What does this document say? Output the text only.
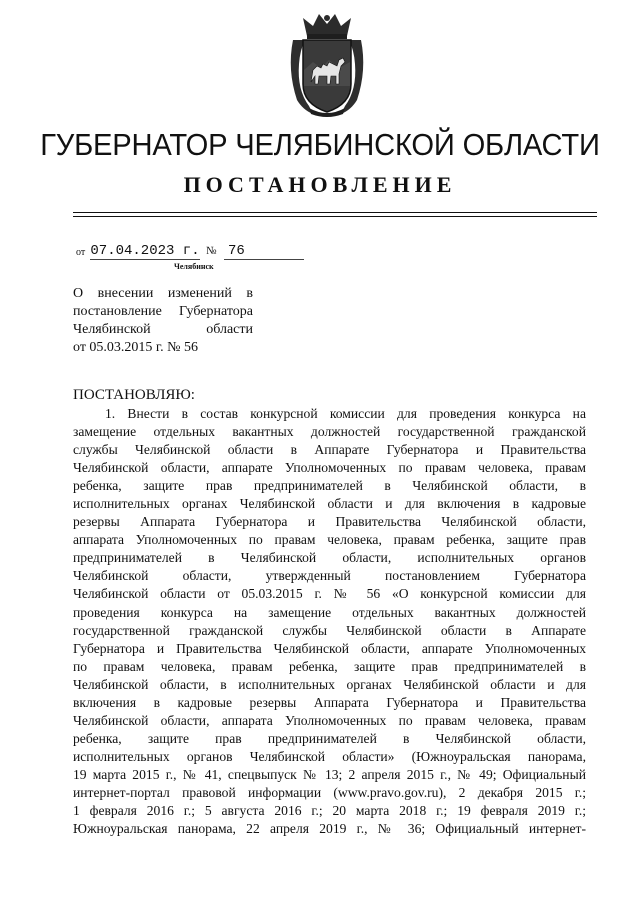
ГУБЕРНАТОР ЧЕЛЯБИНСКОЙ ОБЛАСТИ
ПОСТАНОВЛЕНИЕ
от 07.04.2023 г. № 76
Челябинск
О внесении изменений в
постановление Губернатора
Челябинской области
от 05.03.2015 г. № 56
ПОСТАНОВЛЯЮ:
1. Внести в состав конкурсной комиссии для проведения конкурса на
замещение отдельных вакантных должностей государственной гражданской
службы Челябинской области в Аппарате Губернатора и Правительства
Челябинской области, аппарате Уполномоченных по правам человека, правам
ребенка, защите прав предпринимателей в Челябинской области, в
исполнительных органах Челябинской области и для включения в кадровые
резервы Аппарата Губернатора и Правительства Челябинской области,
аппарата Уполномоченных по правам человека, правам ребенка, защите прав
предпринимателей в Челябинской области, исполнительных органов
Челябинской области, утвержденный постановлением Губернатора
Челябинской области от 05.03.2015 г. № 56 «О конкурсной комиссии для
проведения конкурса на замещение отдельных вакантных должностей
государственной гражданской службы Челябинской области в Аппарате
Губернатора и Правительства Челябинской области, аппарате Уполномоченных
по правам человека, правам ребенка, защите прав предпринимателей в
Челябинской области, в исполнительных органах Челябинской области и для
включения в кадровые резервы Аппарата Губернатора и Правительства
Челябинской области, аппарата Уполномоченных по правам человека, правам
ребенка, защите прав предпринимателей в Челябинской области,
исполнительных органов Челябинской области» (Южноуральская панорама,
19 марта 2015 г., № 41, спецвыпуск № 13; 2 апреля 2015 г., № 49; Официальный
интернет-портал правовой информации (www.pravo.gov.ru), 2 декабря 2015 г.;
1 февраля 2016 г.; 5 августа 2016 г.; 20 марта 2018 г.; 19 февраля 2019 г.;
Южноуральская панорама, 22 апреля 2019 г., № 36; Официальный интернет-
